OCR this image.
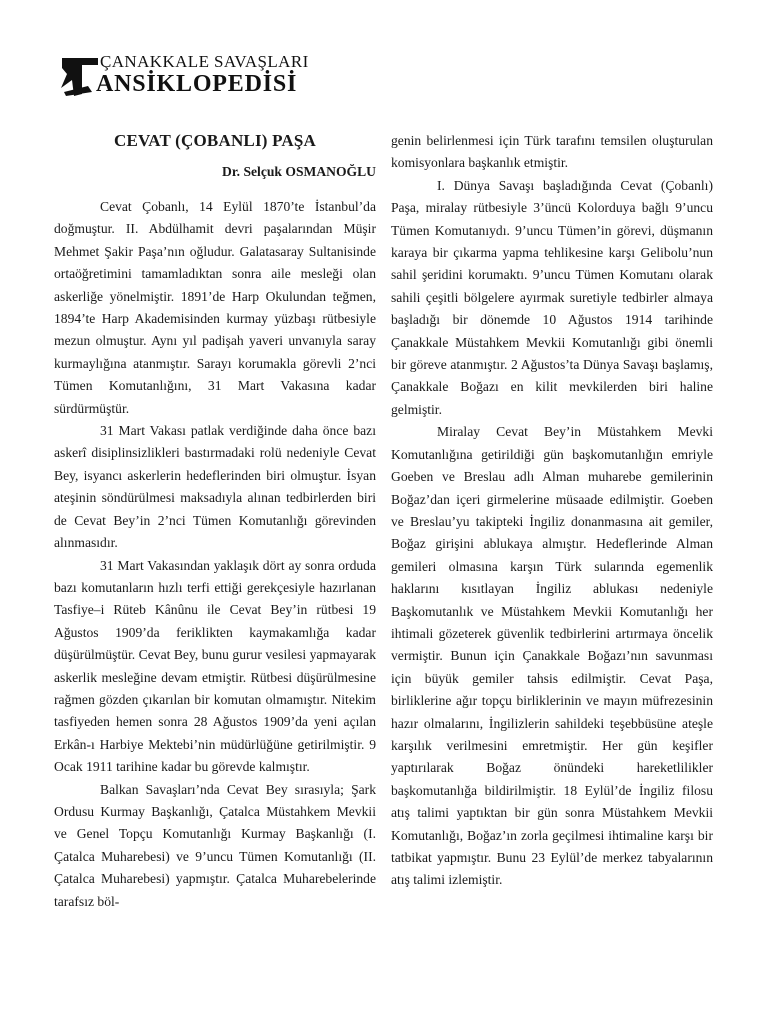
ÇANAKKALE SAVAŞLARI
ANSİKLOPEDİSİ
CEVAT (ÇOBANLI) PAŞA
Dr. Selçuk OSMANOĞLU

Cevat Çobanlı, 14 Eylül 1870’te İstanbul’da doğmuştur. II. Abdülhamit devri paşalarından Müşir Mehmet Şakir Paşa’nın oğludur. Galatasaray Sultanisinde ortaöğretimini tamamladıktan sonra aile mesleği olan askerliğe yönelmiştir. 1891’de Harp Okulundan teğmen, 1894’te Harp Akademisinden kurmay yüzbaşı rütbesiyle mezun olmuştur. Aynı yıl padişah yaveri unvanıyla saray kurmaylığına atanmıştır. Sarayı korumakla görevli 2’nci Tümen Komutanlığını, 31 Mart Vakasına kadar sürdürmüştür.

31 Mart Vakası patlak verdiğinde daha önce bazı askerî disiplinsizlikleri bastırmadaki rolü nedeniyle Cevat Bey, isyancı askerlerin hedeflerinden biri olmuştur. İsyan ateşinin söndürülmesi maksadıyla alınan tedbirlerden biri de Cevat Bey’in 2’nci Tümen Komutanlığı görevinden alınmasıdır.

31 Mart Vakasından yaklaşık dört ay sonra orduda bazı komutanların hızlı terfi ettiği gerekçesiyle hazırlanan Tasfiye–i Rüteb Kânûnu ile Cevat Bey’in rütbesi 19 Ağustos 1909’da feriklikten kaymakamlığa kadar düşürülmüştür. Cevat Bey, bunu gurur vesilesi yapmayarak askerlik mesleğine devam etmiştir. Rütbesi düşürülmesine rağmen gözden çıkarılan bir komutan olmamıştır. Nitekim tasfiyeden hemen sonra 28 Ağustos 1909’da yeni açılan Erkân-ı Harbiye Mektebi’nin müdürlüğüne getirilmiştir. 9 Ocak 1911 tarihine kadar bu görevde kalmıştır.

Balkan Savaşları’nda Cevat Bey sırasıyla; Şark Ordusu Kurmay Başkanlığı, Çatalca Müstahkem Mevkii ve Genel Topçu Komutanlığı Kurmay Başkanlığı (I. Çatalca Muharebesi) ve 9’uncu Tümen Komutanlığı (II. Çatalca Muharebesi) yapmıştır. Çatalca Muharebelerinde tarafsız böl-

genin belirlenmesi için Türk tarafını temsilen oluşturulan komisyonlara başkanlık etmiştir.

I. Dünya Savaşı başladığında Cevat (Çobanlı) Paşa, miralay rütbesiyle 3’üncü Kolorduya bağlı 9’uncu Tümen Komutanıydı. 9’uncu Tümen’in görevi, düşmanın karaya bir çıkarma yapma tehlikesine karşı Gelibolu’nun sahil şeridini korumaktı. 9’uncu Tümen Komutanı olarak sahili çeşitli bölgelere ayırmak suretiyle tedbirler almaya başladığı bir dönemde 10 Ağustos 1914 tarihinde Çanakkale Müstahkem Mevkii Komutanlığı gibi önemli bir göreve atanmıştır. 2 Ağustos’ta Dünya Savaşı başlamış, Çanakkale Boğazı en kilit mevkilerden biri haline gelmiştir.

Miralay Cevat Bey’in Müstahkem Mevki Komutanlığına getirildiği gün başkomutanlığın emriyle Goeben ve Breslau adlı Alman muharebe gemilerinin Boğaz’dan içeri girmelerine müsaade edilmiştir. Goeben ve Breslau’yu takipteki İngiliz donanmasına ait gemiler, Boğaz girişini ablukaya almıştır. Hedeflerinde Alman gemileri olmasına karşın Türk sularında egemenlik haklarını kısıtlayan İngiliz ablukası nedeniyle Başkomutanlık ve Müstahkem Mevkii Komutanlığı her ihtimali gözeterek güvenlik tedbirlerini artırmaya öncelik vermiştir. Bunun için Çanakkale Boğazı’nın savunması için büyük gemiler tahsis edilmiştir. Cevat Paşa, birliklerine ağır topçu birliklerinin ve mayın müfrezesinin hazır olmalarını, İngilizlerin sahildeki teşebbüsüne ateşle karşılık verilmesini emretmiştir. Her gün keşifler yaptırılarak Boğaz önündeki hareketlilikler başkomutanlığa bildirilmiştir. 18 Eylül’de İngiliz filosu atış talimi yaptıktan bir gün sonra Müstahkem Mevkii Komutanlığı, Boğaz’ın zorla geçilmesi ihtimaline karşı bir tatbikat yapmıştır. Bunu 23 Eylül’de merkez tabyalarının atış talimi izlemiştir.
